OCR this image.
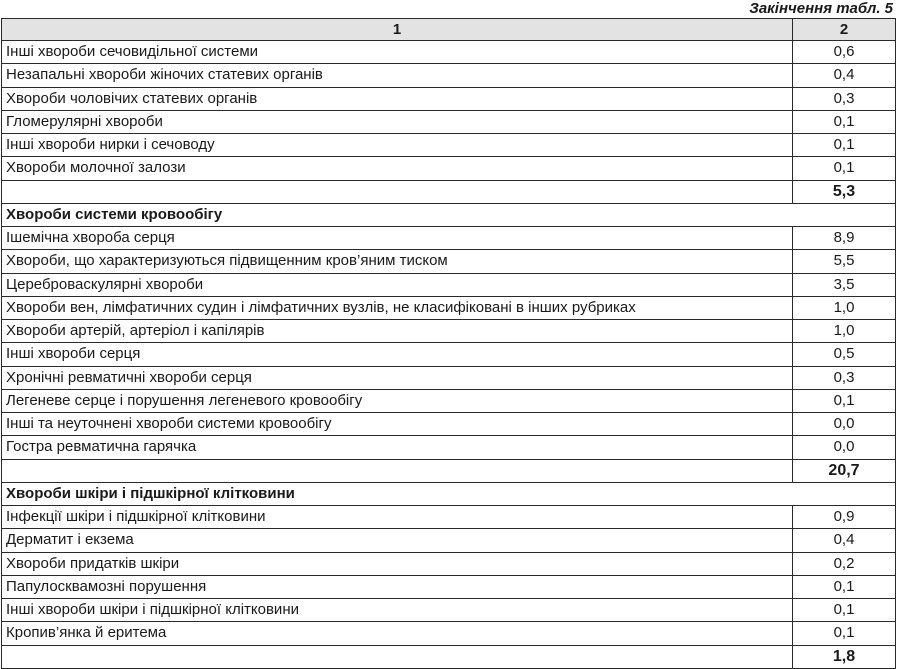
Закінчення табл. 5
1	2
Інші хвороби сечовидільної системи	0,6
Незапальні хвороби жіночих статевих органів	0,4
Хвороби чоловічих статевих органів	0,3
Гломерулярні хвороби	0,1
Інші хвороби нирки і сечоводу	0,1
Хвороби молочної залози	0,1
	5,3
Хвороби системи кровообігу	
Ішемічна хвороба серця	8,9
Хвороби, що характеризуються підвищенним кров’яним тиском	5,5
Цереброваскулярні хвороби	3,5
Хвороби вен, лімфатичних судин і лімфатичних вузлів, не класифіковані в інших рубриках	1,0
Хвороби артерій, артеріол і капілярів	1,0
Інші хвороби серця	0,5
Хронічні ревматичні хвороби серця	0,3
Легеневе серце і порушення легеневого кровообігу	0,1
Інші та неуточнені хвороби системи кровообігу	0,0
Гостра ревматична гарячка	0,0
	20,7
Хвороби шкіри і підшкірної клітковини	
Інфекції шкіри і підшкірної клітковини	0,9
Дерматит і екзема	0,4
Хвороби придатків шкіри	0,2
Папулосквамозні порушення	0,1
Інші хвороби шкіри і підшкірної клітковини	0,1
Кропив’янка й еритема	0,1
	1,8
